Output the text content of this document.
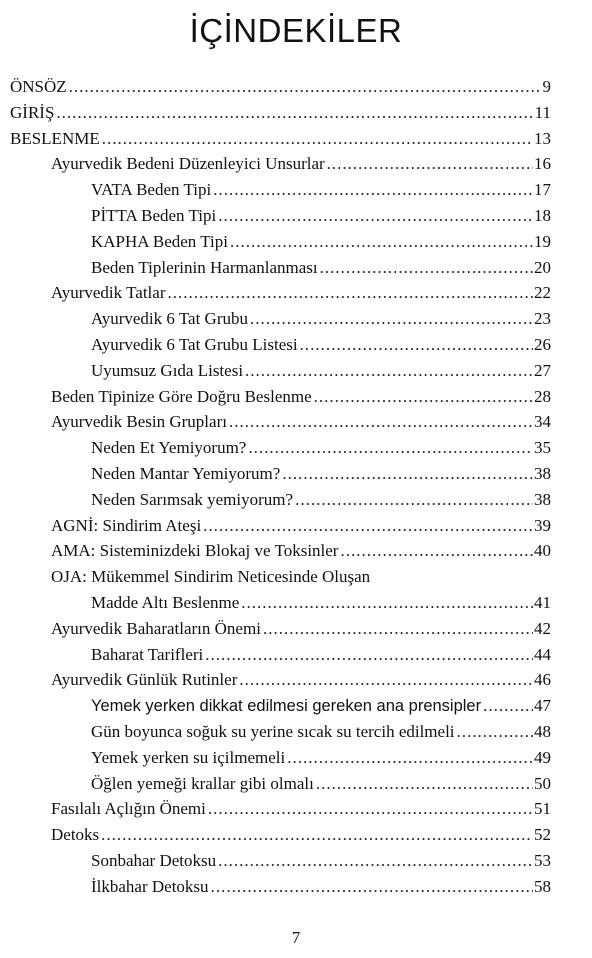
İÇİNDEKİLER
ÖNSÖZ .....	9
GİRİŞ .....	11
BESLENME .....	13
Ayurvedik Bedeni Düzenleyici Unsurlar .....	16
VATA Beden Tipi .....	17
PİTTA Beden Tipi .....	18
KAPHA Beden Tipi .....	19
Beden Tiplerinin Harmanlanması .....	20
Ayurvedik Tatlar .....	22
Ayurvedik 6 Tat Grubu .....	23
Ayurvedik 6 Tat Grubu Listesi .....	26
Uyumsuz Gıda Listesi .....	27
Beden Tipinize Göre Doğru Beslenme .....	28
Ayurvedik Besin Grupları .....	34
Neden Et Yemiyorum? .....	35
Neden Mantar Yemiyorum? .....	38
Neden Sarımsak yemiyorum? .....	38
AGNİ: Sindirim Ateşi .....	39
AMA: Sisteminizdeki Blokaj ve Toksinler .....	40
OJA: Mükemmel Sindirim Neticesinde Oluşan
Madde Altı Beslenme .....	41
Ayurvedik Baharatların Önemi .....	42
Baharat Tarifleri .....	44
Ayurvedik Günlük Rutinler .....	46
Yemek yerken dikkat edilmesi gereken ana prensipler .....	47
Gün boyunca soğuk su yerine sıcak su tercih edilmeli .....	48
Yemek yerken su içilmemeli .....	49
Öğlen yemeği krallar gibi olmalı .....	50
Fasılalı Açlığın Önemi .....	51
Detoks .....	52
Sonbahar Detoksu .....	53
İlkbahar Detoksu .....	58
7
